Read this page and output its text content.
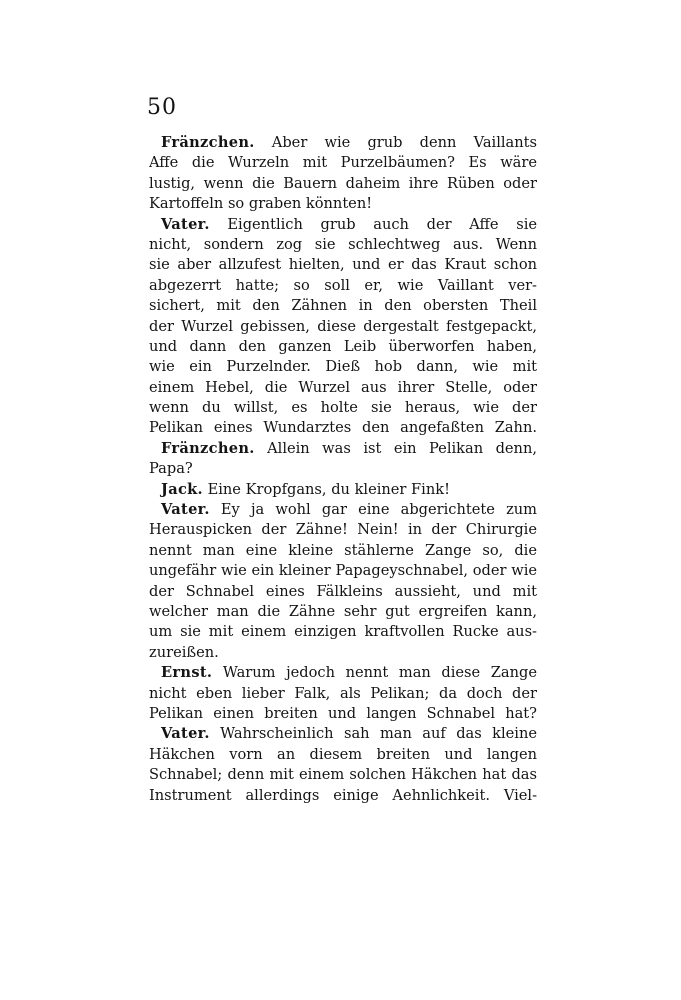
50
Fränzchen. Aber wie grub denn Vaillants
Affe die Wurzeln mit Purzelbäumen? Es wäre
lustig, wenn die Bauern daheim ihre Rüben oder
Kartoffeln so graben könnten!
Vater. Eigentlich grub auch der Affe sie
nicht, sondern zog sie schlechtweg aus. Wenn
sie aber allzufest hielten, und er das Kraut schon
abgezerrt hatte; so soll er, wie Vaillant ver-
sichert, mit den Zähnen in den obersten Theil
der Wurzel gebissen, diese dergestalt festgepackt,
und dann den ganzen Leib überworfen haben,
wie ein Purzelnder. Dieß hob dann, wie mit
einem Hebel, die Wurzel aus ihrer Stelle, oder
wenn du willst, es holte sie heraus, wie der
Pelikan eines Wundarztes den angefaßten Zahn.
Fränzchen. Allein was ist ein Pelikan denn,
Papa?
Jack. Eine Kropfgans, du kleiner Fink!
Vater. Ey ja wohl gar eine abgerichtete zum
Herauspicken der Zähne! Nein! in der Chirurgie
nennt man eine kleine stählerne Zange so, die
ungefähr wie ein kleiner Papageyschnabel, oder wie
der Schnabel eines Fälkleins aussieht, und mit
welcher man die Zähne sehr gut ergreifen kann,
um sie mit einem einzigen kraftvollen Rucke aus-
zureißen.
Ernst. Warum jedoch nennt man diese Zange
nicht eben lieber Falk, als Pelikan; da doch der
Pelikan einen breiten und langen Schnabel hat?
Vater. Wahrscheinlich sah man auf das kleine
Häkchen vorn an diesem breiten und langen
Schnabel; denn mit einem solchen Häkchen hat das
Instrument allerdings einige Aehnlichkeit. Viel-
